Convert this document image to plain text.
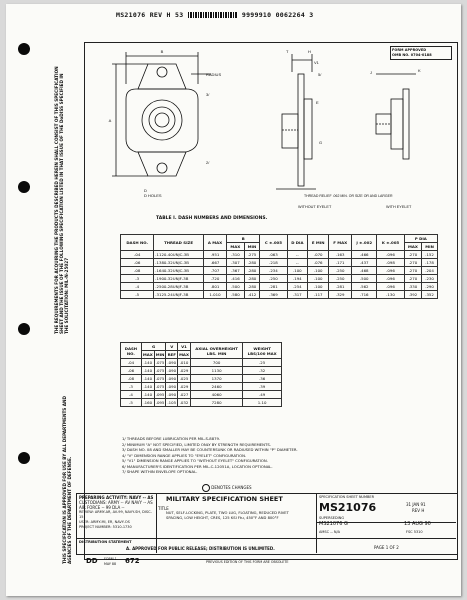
MS21076 REV H 53	9999910 0062264 3
THE REQUIREMENTS FOR ACQUIRING THE PRODUCTS DESCRIBED HEREIN SHALL CONSIST OF THIS SPECIFICATION SHEET AND THE ISSUE OF THE FOLLOWING SPECIFICATION LISTED IN THAT ISSUE OF THE DoDISS SPECIFIED IN THE SOLICITATION: MIL-N-25027
THIS SPECIFICATION IS APPROVED FOR USE BY ALL DEPARTMENTS AND AGENCIES OF THE DEPARTMENT OF DEFENSE.
FORM APPROVED
OMB NO. 0704-0188
RADIUS
B
A
D
D HOLES
3/
2/
T	H
V1
5/
G
E
J	K
THREAD RELIEF .062 MIN. OR SIZE OR AND LARGER
WITHOUT EYELET	WITH EYELET
TABLE I. DASH NUMBERS AND DIMENSIONS.
DASH NO.	THREAD SIZE	A MAX	B		C ±.005	D DIA	E MIN	F MAX	J ±.002	K ±.005	P DIA	
			MAX	MIN							MAX	MIN
-04	.1120-40UNJC-3B	.951	.310	.275	.063	--	.070	.163	.466	.096	.270	.152
-06	.1380-32UNJC-3B	.667	.307	.280	.218	--	.076	.171	.437	.098	.270	.178
-08	.1640-32UNJC-3B	.707	.367	.280	.234	.100	.100	.250	.468	.096	.270	.204
-3	.1900-32UNJF-3B	.720	.416	.280	.250	.194	.100	.250	.500	.096	.270	.230
-4	.2500-28UNJF-3B	.801	.500	.280	.281	.254	.100	.281	.562	.096	.330	.290
-5	.3125-24UNJF-3B	1.010	.580	.412	.369	.317	.117	.329	.716	.130	.392	.352
DASH NO.	G		V	V1	AXIAL OVERHEIGHT LBS. MIN	WEIGHT LBS/100 MAX
	MAX	MIN	REF	MAX		
-04	.140	.075	.090	.010	700	.25
-06	.140	.075	.090	.029	1130	.32
-08	.140	.075	.090	.025	1370	.36
-3	.140	.075	.090	.029	2460	.39
-4	.140	.095	.090	.027	4060	.49
-5	.160	.095	.105	.032	7280	1.10
1/ THREADS BEFORE LUBRICATION PER MIL-S-8879.
2/ MINIMUM "A" NOT SPECIFIED, LIMITED ONLY BY STRENGTH REQUIREMENTS.
3/ DASH NO. 08 AND SMALLER MAY BE COUNTERSUNK OR RADIUSED WITHIN "P" DIAMETER.
4/ "V" DIMENSION RANGE APPLIES TO "EYELET" CONFIGURATION.
5/ "V1" DIMENSION RANGE APPLIES TO "WITHOUT EYELET" CONFIGURATION.
6/ MANUFACTURER'S IDENTIFICATION PER MIL-C-12051A, LOCATION OPTIONAL.
7/ SHAPE WITHIN ENVELOPE OPTIONAL.
DENOTES CHANGES
PREPARING ACTIVITY: NAVY -- AS
CUSTODIANS: ARMY -- AV NAVY -- AS
AIR FORCE -- 99 DLA --
REVIEW: ARMY-AR, AV-99, NAVY-SH, DISC-15
USER: ARMY-MI, ER, NAVY-OS
PROJECT NUMBER: 5310-1730
MILITARY SPECIFICATION SHEET
TITLE
NUT, SELF-LOCKING, PLATE, TWO LUG, FLOATING, REDUCED RIVET SPACING, LOW HEIGHT, CRES, 125 KSI Ftu, 450°F AND 800°F
SPECIFICATION SHEET NUMBER
MS21076	31 JAN 91
REV H
SUPERSEDING
MS21076 G	13 AUG 90
AMSC -- N/A	FSC 5310
DISTRIBUTION STATEMENT
A. APPROVED FOR PUBLIC RELEASE; DISTRIBUTION IS UNLIMITED.	PAGE 1 OF 2
DD FORM 1 MAY 88	672	PREVIOUS EDITION OF THIS FORM ARE OBSOLETE
